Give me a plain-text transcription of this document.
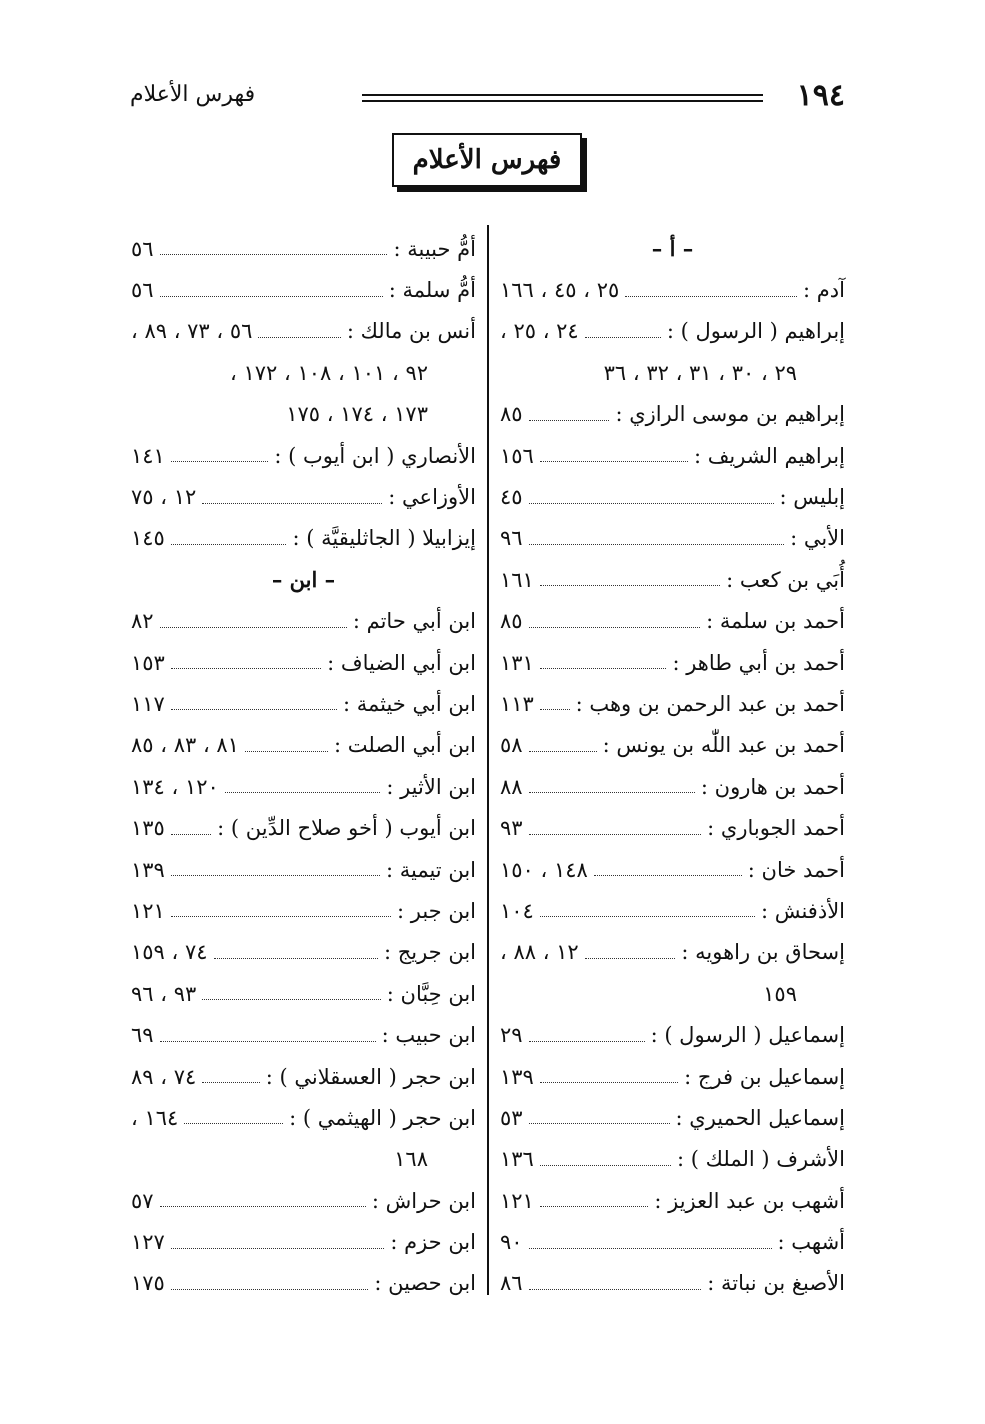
١٩٤
فهرس الأعلام
فهرس الأعلام
– أ –
آدم :
٢٥ ، ٤٥ ، ١٦٦
إبراهيم ( الرسول ) :
٢٤ ، ٢٥ ،
٢٩ ، ٣٠ ، ٣١ ، ٣٢ ، ٣٦
إبراهيم بن موسى الرازي :
٨٥
إبراهيم الشريف :
١٥٦
إبليس :
٤٥
الأبي :
٩٦
أُبَي بن كعب :
١٦١
أحمد بن سلمة :
٨٥
أحمد بن أبي طاهر :
١٣١
أحمد بن عبد الرحمن بن وهب :
١١٣
أحمد بن عبد اللّٰه بن يونس :
٥٨
أحمد بن هارون :
٨٨
أحمد الجوباري :
٩٣
أحمد خان :
١٤٨ ، ١٥٠
الأذفنش :
١٠٤
إسحاق بن راهويه :
١٢ ، ٨٨ ،
١٥٩
إسماعيل ( الرسول ) :
٢٩
إسماعيل بن فرج :
١٣٩
إسماعيل الحميري :
٥٣
الأشرف ( الملك ) :
١٣٦
أشهب بن عبد العزيز :
١٢١
أشهب :
٩٠
الأصبغ بن نباتة :
٨٦
أمُّ حبيبة :
٥٦
أمُّ سلمة :
٥٦
أنس بن مالك :
٥٦ ، ٧٣ ، ٨٩ ،
٩٢ ، ١٠١ ، ١٠٨ ، ١٧٢ ،
١٧٣ ، ١٧٤ ، ١٧٥
الأنصاري ( ابن أيوب ) :
١٤١
الأوزاعي :
١٢ ، ٧٥
إيزابيلا ( الجاثليقيَّة ) :
١٤٥
– ابن –
ابن أبي حاتم :
٨٢
ابن أبي الضياف :
١٥٣
ابن أبي خيثمة :
١١٧
ابن أبي الصلت :
٨١ ، ٨٣ ، ٨٥
ابن الأثير :
١٢٠ ، ١٣٤
ابن أيوب ( أخو صلاح الدِّين ) :
١٣٥
ابن تيمية :
١٣٩
ابن جبر :
١٢١
ابن جريج :
٧٤ ، ١٥٩
ابن حِبَّان :
٩٣ ، ٩٦
ابن حبيب :
٦٩
ابن حجر ( العسقلاني ) :
٧٤ ، ٨٩
ابن حجر ( الهيثمي ) :
١٦٤ ،
١٦٨
ابن حراش :
٥٧
ابن حزم :
١٢٧
ابن حصين :
١٧٥
